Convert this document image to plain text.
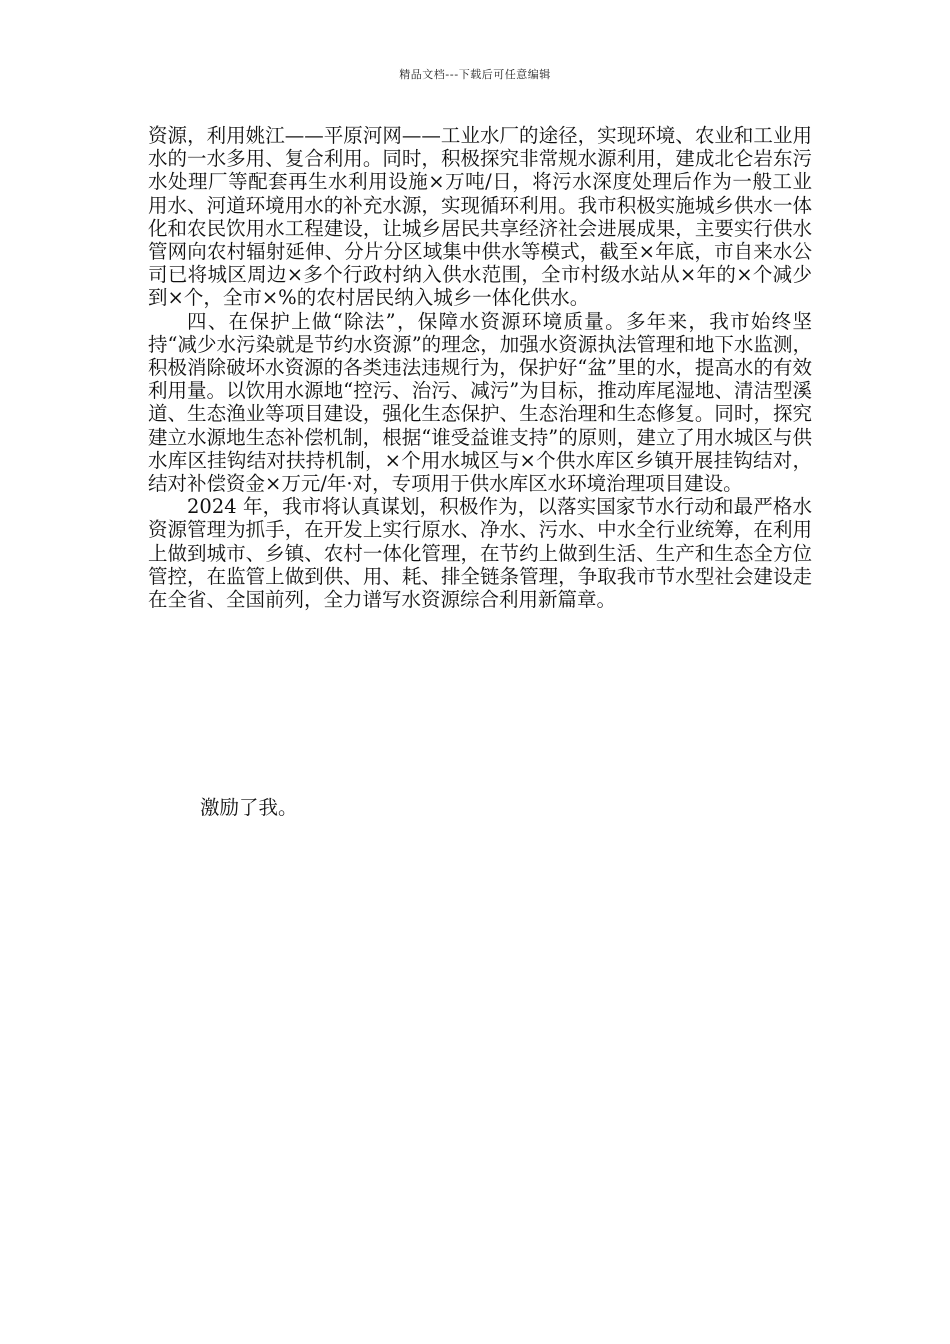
精品文档---下载后可任意编辑

资源，利用姚江——平原河网——工业水厂的途径，实现环境、农业和工业用水的一水多用、复合利用。同时，积极探究非常规水源利用，建成北仑岩东污水处理厂等配套再生水利用设施×万吨/日，将污水深度处理后作为一般工业用水、河道环境用水的补充水源，实现循环利用。我市积极实施城乡供水一体化和农民饮用水工程建设，让城乡居民共享经济社会进展成果，主要实行供水管网向农村辐射延伸、分片分区域集中供水等模式，截至×年底，市自来水公司已将城区周边×多个行政村纳入供水范围，全市村级水站从×年的×个减少到×个，全市×%的农村居民纳入城乡一体化供水。

四、在保护上做“除法”，保障水资源环境质量。多年来，我市始终坚持“减少水污染就是节约水资源”的理念，加强水资源执法管理和地下水监测，积极消除破坏水资源的各类违法违规行为，保护好“盆”里的水，提高水的有效利用量。以饮用水源地“控污、治污、减污”为目标，推动库尾湿地、清洁型溪道、生态渔业等项目建设，强化生态保护、生态治理和生态修复。同时，探究建立水源地生态补偿机制，根据“谁受益谁支持”的原则，建立了用水城区与供水库区挂钩结对扶持机制，×个用水城区与×个供水库区乡镇开展挂钩结对，结对补偿资金×万元/年·对，专项用于供水库区水环境治理项目建设。

2024 年，我市将认真谋划，积极作为，以落实国家节水行动和最严格水资源管理为抓手，在开发上实行原水、净水、污水、中水全行业统筹，在利用上做到城市、乡镇、农村一体化管理，在节约上做到生活、生产和生态全方位管控，在监管上做到供、用、耗、排全链条管理，争取我市节水型社会建设走在全省、全国前列，全力谱写水资源综合利用新篇章。

激励了我。
